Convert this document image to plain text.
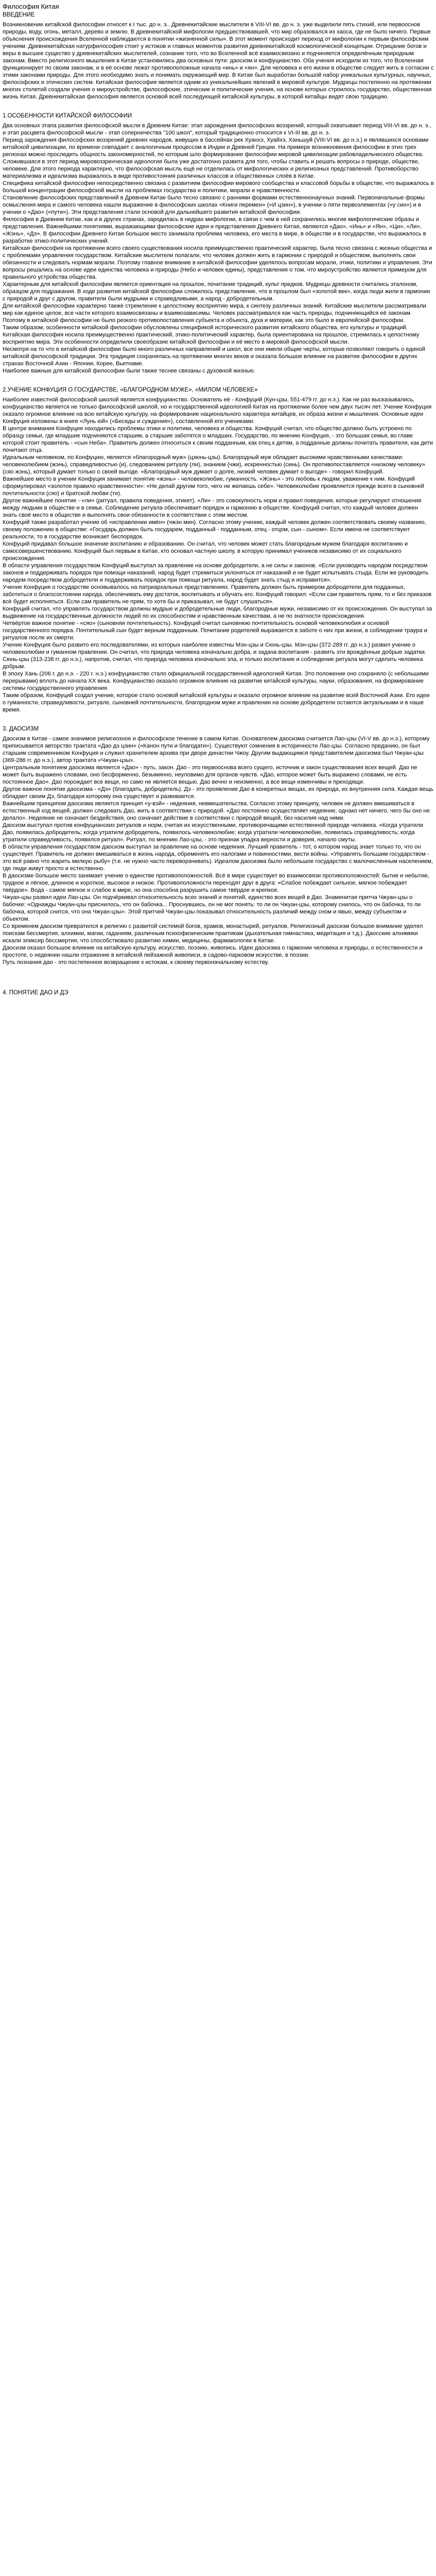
Философия Китая
ВВЕДЕНИЕ

Возникновение китайской философии относят к I тыс. до н. э.. Древнекитайские мыслители в VIII-VI вв. до н. э. уже выделили пять стихий, или первооснов природы, воду, огонь, металл, дерево и землю. В древнекитайской мифологии предшествовавшей, что мир образовался из хаоса, где не было ничего. Первые объяснения происхождения Вселенной наблюдаются в понятии «жизненной силы». В этот момент происходит переход от мифологии к первым философским учениям. Древнекитайская натурфилософия стоит у истоков и главных моментов развития древнекитайской космологической концепции. Отрицание богов и веры в высшее существо у древнекитайских мыслителей, сознание того, что во Вселенной всё взаимосвязано и подчиняется определённым природным законам. Вместо религиозного мышления в Китае установились два основных пути: даосизм и конфуцианство. Оба учения исходили из того, что Вселенная функционирует по своим законам, и в её основе лежат противоположные начала «инь» и «ян». Для человека и его жизни в обществе следует жить в согласии с этими законами природы. Для этого необходимо знать и понимать окружающий мир. В Китае был выработан большой набор уникальных культурных, научных, философских и этических систем. Китайская философия является одним из уникальнейших явлений в мировой культуре. Мудрецы постепенно на протяжении многих столетий создали учения о мироустройстве, философские, этические и политические учения, на основе которых строилось государство, общественная жизнь Китая. Древнекитайская философия является основой всей последующей китайской культуры, в которой китайцы видят свою традицию.

1.ОСОБЕННОСТИ КИТАЙСКОЙ ФИЛОСОФИИ

Два основных этапа развития философской мысли в Древнем Китае: этап зарождения философских воззрений, который охватывает период VIII-VI вв. до н. э., и этап расцвета философской мысли - этап соперничества "100 школ", который традиционно относится к VI-III вв. до н. э.

Период зарождения философских воззрений древних народов, живущих в бассейнах рек Хуанхэ, Хуайхэ, Ханьшуй (VIII-VI вв. до н.э.) и являвшихся основами китайской цивилизации, по времени совпадает с аналогичным процессом в Индии и Древней Греции. На примере возникновения философии в этих трех регионах можно проследить общность закономерностей, по которым шло формирование философии мировой цивилизации рабовладельческого общества.

Сложившаяся в этот период мировоззренческая идеология была уже достаточно развита для того, чтобы ставить и решать вопросы о природе, обществе, человеке. Для этого периода характерно, что философская мысль ещё не отделилась от мифологических и религиозных представлений. Противоборство материализма и идеализма выражалось в виде противостояния различных классов и общественных слоёв в Китае.

Специфика китайской философии непосредственно связана с развитием философии мирового сообщества и классовой борьбы в обществе, что выражалось в большой концентрации философской мысли на проблемах государства и политики, морали и нравственности.

Становление философских представлений в Древнем Китае было тесно связано с ранними формами естественнонаучных знаний. Первоначальные формы осмысления мира и самого человека нашли выражение в философских школах «Книги перемен» («И цзин»), в учении о пяти первоэлементах («у син») и в учении о «Дао» («пути»). Эти представления стали основой для дальнейшего развития китайской философии.

Философия в Древнем Китае, как и в других странах, зародилась в недрах мифологии, в связи с чем в ней сохранились многие мифологические образы и представления. Важнейшими понятиями, выражающими философские идеи и представления Древнего Китая, являются «Дао», «Инь» и «Ян», «Ци», «Ли», «Жэнь», «Дэ». В философии Древнего Китая большое место занимала проблема человека, его места в мире, в обществе и в государстве, что выражалось в разработке этико-политических учений.

Китайская философия на протяжении всего своего существования носила преимущественно практический характер, была тесно связана с жизнью общества и с проблемами управления государством. Китайские мыслители полагали, что человек должен жить в гармонии с природой и обществом, выполнять свои обязанности и следовать нормам морали. Поэтому главное внимание в китайской философии уделялось вопросам морали, этики, политики и управления. Эти вопросы решались на основе идеи единства человека и природы (Небо и человек едины), представления о том, что мироустройство является примером для правильного устройства общества.

Характерным для китайской философии является ориентация на прошлое, почитание традиций, культ предков. Мудрецы древности считались эталоном, образцом для подражания. В ходе развития китайской философии сложилось представление, что в прошлом был «золотой век», когда люди жили в гармонии с природой и друг с другом, правители были мудрыми и справедливыми, а народ - добродетельным.

Для китайской философии характерно также стремление к целостному восприятию мира, к синтезу различных знаний. Китайские мыслители рассматривали мир как единое целое, все части которого взаимосвязаны и взаимозависимы. Человек рассматривался как часть природы, подчиняющийся её законам. Поэтому в китайской философии не было резкого противопоставления субъекта и объекта, духа и материи, как это было в европейской философии.

Таким образом, особенности китайской философии обусловлены спецификой исторического развития китайского общества, его культуры и традиций. Китайская философия носила преимущественно практический, этико-политический характер, была ориентирована на прошлое, стремилась к целостному восприятию мира. Эти особенности определили своеобразие китайской философии и её место в мировой философской мысли.

Несмотря на то что в китайской философии было много различных направлений и школ, все они имели общие черты, которые позволяют говорить о единой китайской философской традиции. Эта традиция сохранялась на протяжении многих веков и оказала большое влияние на развитие философии в других странах Восточной Азии - Японии, Корее, Вьетнаме.

Наиболее важные для китайской философии были также теснее связаны с духовной жизнью.

2.УЧЕНИЕ КОНФУЦИЯ О ГОСУДАРСТВЕ, «БЛАГОРОДНОМ МУЖЕ», «МИЛОМ ЧЕЛОВЕКЕ»

Наиболее известной философской школой является конфуцианство. Основатель её - Конфуций (Кун-цзы, 551-479 гг. до н.э.). Как не раз высказывались, конфуцианство является не только философской школой, но и государственной идеологией Китая на протяжении более чем двух тысяч лет. Учение Конфуция оказало огромное влияние на всю китайскую культуру, на формирование национального характера китайцев, их образа жизни и мышления. Основные идеи Конфуция изложены в книге «Лунь юй» («Беседы и суждения»), составленной его учениками.

В центре внимания Конфуция находились проблемы этики и политики, человека и общества. Конфуций считал, что общество должно быть устроено по образцу семьи, где младшие подчиняются старшим, а старшие заботятся о младших. Государство, по мнению Конфуция, - это большая семья, во главе которой стоит правитель - «сын Неба». Правитель должен относиться к своим подданным, как отец к детям, а подданные должны почитать правителя, как дети почитают отца.

Идеальным человеком, по Конфуцию, является «благородный муж» (цзюнь-цзы). Благородный муж обладает высокими нравственными качествами: человеколюбием (жэнь), справедливостью (и), следованием ритуалу (ли), знанием (чжи), искренностью (синь). Он противопоставляется «низкому человеку» (сяо жэнь), который думает только о своей выгоде. «Благородный муж думает о долге, низкий человек думает о выгоде» - говорил Конфуций.

Важнейшее место в учении Конфуция занимает понятие «жэнь» - человеколюбие, гуманность. «Жэнь» - это любовь к людям, уважение к ним. Конфуций сформулировал «золотое правило нравственности»: «Не делай другим того, чего не желаешь себе». Человеколюбие проявляется прежде всего в сыновней почтительности (сяо) и братской любви (ти).

Другое важнейшее понятие - «ли» (ритуал, правила поведения, этикет). «Ли» - это совокупность норм и правил поведения, которые регулируют отношения между людьми в обществе и в семье. Соблюдение ритуала обеспечивает порядок и гармонию в обществе. Конфуций считал, что каждый человек должен знать своё место в обществе и выполнять свои обязанности в соответствии с этим местом.

Конфуций также разработал учение об «исправлении имён» (чжэн мин). Согласно этому учению, каждый человек должен соответствовать своему названию, своему положению в обществе: «Государь должен быть государем, подданный - подданным, отец - отцом, сын - сыном». Если имена не соответствуют реальности, то в государстве возникает беспорядок.

Конфуций придавал большое значение воспитанию и образованию. Он считал, что человек может стать благородным мужем благодаря воспитанию и самосовершенствованию. Конфуций был первым в Китае, кто основал частную школу, в которую принимал учеников независимо от их социального происхождения.

В области управления государством Конфуций выступал за правление на основе добродетели, а не силы и законов. «Если руководить народом посредством законов и поддерживать порядок при помощи наказаний, народ будет стремиться уклоняться от наказаний и не будет испытывать стыда. Если же руководить народом посредством добродетели и поддерживать порядок при помощи ритуала, народ будет знать стыд и исправится».

Учение Конфуция о государстве основывалось на патриархальных представлениях. Правитель должен быть примером добродетели для подданных, заботиться о благосостоянии народа, обеспечивать ему достаток, воспитывать и обучать его. Конфуций говорил: «Если сам правитель прям, то и без приказов всё будет исполняться. Если сам правитель не прям, то хотя бы и приказывал, не будут слушаться».

Конфуций считал, что управлять государством должны мудрые и добродетельные люди, благородные мужи, независимо от их происхождения. Он выступал за выдвижение на государственные должности людей по их способностям и нравственным качествам, а не по знатности происхождения.

Четвёртое важное понятие - «сяо» (сыновняя почтительность). Конфуций считал сыновнюю почтительность основой человеколюбия и основой государственного порядка. Почтительный сын будет верным подданным. Почитание родителей выражается в заботе о них при жизни, в соблюдении траура и ритуалов после их смерти.

Учение Конфуция было развито его последователями, из которых наиболее известны Мэн-цзы и Сюнь-цзы. Мэн-цзы (372-289 гг. до н.э.) развил учение о человеколюбии и гуманном правлении. Он считал, что природа человека изначально добра, и задача воспитания - развить эти врождённые добрые задатки. Сюнь-цзы (313-238 гг. до н.э.), напротив, считал, что природа человека изначально зла, и только воспитание и соблюдение ритуала могут сделать человека добрым.

В эпоху Хань (206 г. до н.э. - 220 г. н.э.) конфуцианство стало официальной государственной идеологией Китая. Это положение оно сохраняло (с небольшими перерывами) вплоть до начала XX века. Конфуцианство оказало огромное влияние на развитие китайской культуры, науки, образования, на формирование системы государственного управления.

Таким образом, Конфуций создал учение, которое стало основой китайской культуры и оказало огромное влияние на развитие всей Восточной Азии. Его идеи о гуманности, справедливости, ритуале, сыновней почтительности, благородном муже и правлении на основе добродетели остаются актуальными и в наше время.

3. ДАОСИЗМ

Даосизм в Китае - самое значимое религиозное и философское течение в самом Китае. Основателем даосизма считается Лао-цзы (VI-V вв. до н.э.), которому приписывается авторство трактата «Дао дэ цзин» («Канон пути и благодати»). Существуют сомнения в историчности Лао-цзы. Согласно преданию, он был старшим современником Конфуция и служил хранителем архива при дворе династии Чжоу. Другим выдающимся представителем даосизма был Чжуан-цзы (369-286 гг. до н.э.), автор трактата «Чжуан-цзы».

Центральным понятием даосизма является «Дао» - путь, закон. Дао - это первооснова всего сущего, источник и закон существования всех вещей. Дао не может быть выражено словами, оно бесформенно, безымянно, неуловимо для органов чувств. «Дао, которое может быть выражено словами, не есть постоянное Дао». Дао порождает все вещи, но само не является вещью. Дао вечно и неизменно, а все вещи изменчивы и преходящи.

Другое важное понятие даосизма - «Дэ» (благодать, добродетель). Дэ - это проявление Дао в конкретных вещах, их природа, их внутренняя сила. Каждая вещь обладает своим Дэ, благодаря которому она существует и развивается.

Важнейшим принципом даосизма является принцип «у-вэй» - недеяния, невмешательства. Согласно этому принципу, человек не должен вмешиваться в естественный ход вещей, должен следовать Дао, жить в соответствии с природой. «Дао постоянно осуществляет недеяние, однако нет ничего, чего бы оно не делало». Недеяние не означает бездействия, оно означает действие в соответствии с природой вещей, без насилия над ними.

Даосизм выступал против конфуцианских ритуалов и норм, считая их искусственными, противоречащими естественной природе человека. «Когда утратили Дао, появилась добродетель; когда утратили добродетель, появилось человеколюбие; когда утратили человеколюбие, появилась справедливость; когда утратили справедливость, появился ритуал». Ритуал, по мнению Лао-цзы, - это признак упадка верности и доверия, начало смуты.

В области управления государством даосизм выступал за правление на основе недеяния. Лучший правитель - тот, о котором народ знает только то, что он существует. Правитель не должен вмешиваться в жизнь народа, обременять его налогами и повинностями, вести войны. «Управлять большим государством - это всё равно что жарить мелкую рыбу» (т.е. не нужно часто переворачивать). Идеалом даосизма было небольшое государство с малочисленным населением, где люди живут просто и естественно.

В даосизме большое место занимает учение о единстве противоположностей. Всё в мире существует во взаимосвязи противоположностей: бытие и небытие, трудное и лёгкое, длинное и короткое, высокое и низкое. Противоположности переходят друг в друга: «Слабое побеждает сильное, мягкое побеждает твёрдое». Вода - самое мягкое и слабое в мире, но она способна разрушить самое твёрдое и крепкое.

Чжуан-цзы развил идеи Лао-цзы. Он подчёркивал относительность всех знаний и понятий, единство всех вещей в Дао. Знаменитая притча Чжуан-цзы о бабочке: «Однажды Чжуан-цзы приснилось, что он бабочка... Проснувшись, он не мог понять: то ли он Чжуан-цзы, которому снилось, что он бабочка, то ли бабочка, которой снится, что она Чжуан-цзы». Этой притчей Чжуан-цзы показывал относительность различий между сном и явью, между субъектом и объектом.

Со временем даосизм превратился в религию с развитой системой богов, храмов, монастырей, ритуалов. Религиозный даосизм большое внимание уделял поискам бессмертия, алхимии, магии, гаданиям, различным психофизическим практикам (дыхательная гимнастика, медитация и т.д.). Даосские алхимики искали эликсир бессмертия, что способствовало развитию химии, медицины, фармакологии в Китае.

Даосизм оказал большое влияние на китайскую культуру, искусство, поэзию, живопись. Идеи даосизма о гармонии человека и природы, о естественности и простоте, о недеянии нашли отражение в китайской пейзажной живописи, в садово-парковом искусстве, в поэзии.

Путь познания дао - это постепенное возвращение к истокам, к своему первоначальному естеству.

4. ПОНЯТИЕ ДАО И ДЭ
